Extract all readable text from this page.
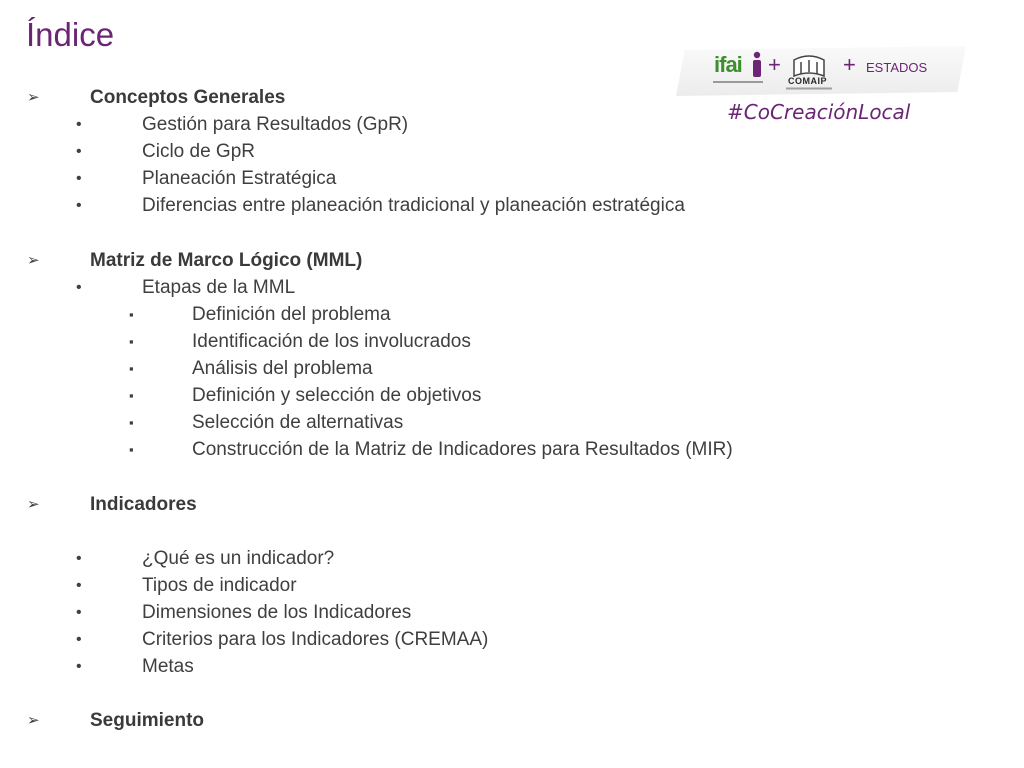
Índice
ifai +
COMAIP
+ ESTADOS
#CoCreaciónLocal
➢	Conceptos Generales
•	Gestión para Resultados (GpR)
•	Ciclo de GpR
•	Planeación Estratégica
•	Diferencias entre planeación tradicional y planeación estratégica
➢	Matriz de Marco Lógico (MML)
•	Etapas de la MML
▪	Definición del problema
▪	Identificación de los involucrados
▪	Análisis del problema
▪	Definición y selección de objetivos
▪	Selección de alternativas
▪	Construcción de la Matriz de Indicadores para Resultados (MIR)
➢	Indicadores
•	¿Qué es un indicador?
•	Tipos de indicador
•	Dimensiones de los Indicadores
•	Criterios para los Indicadores (CREMAA)
•	Metas
➢	Seguimiento
